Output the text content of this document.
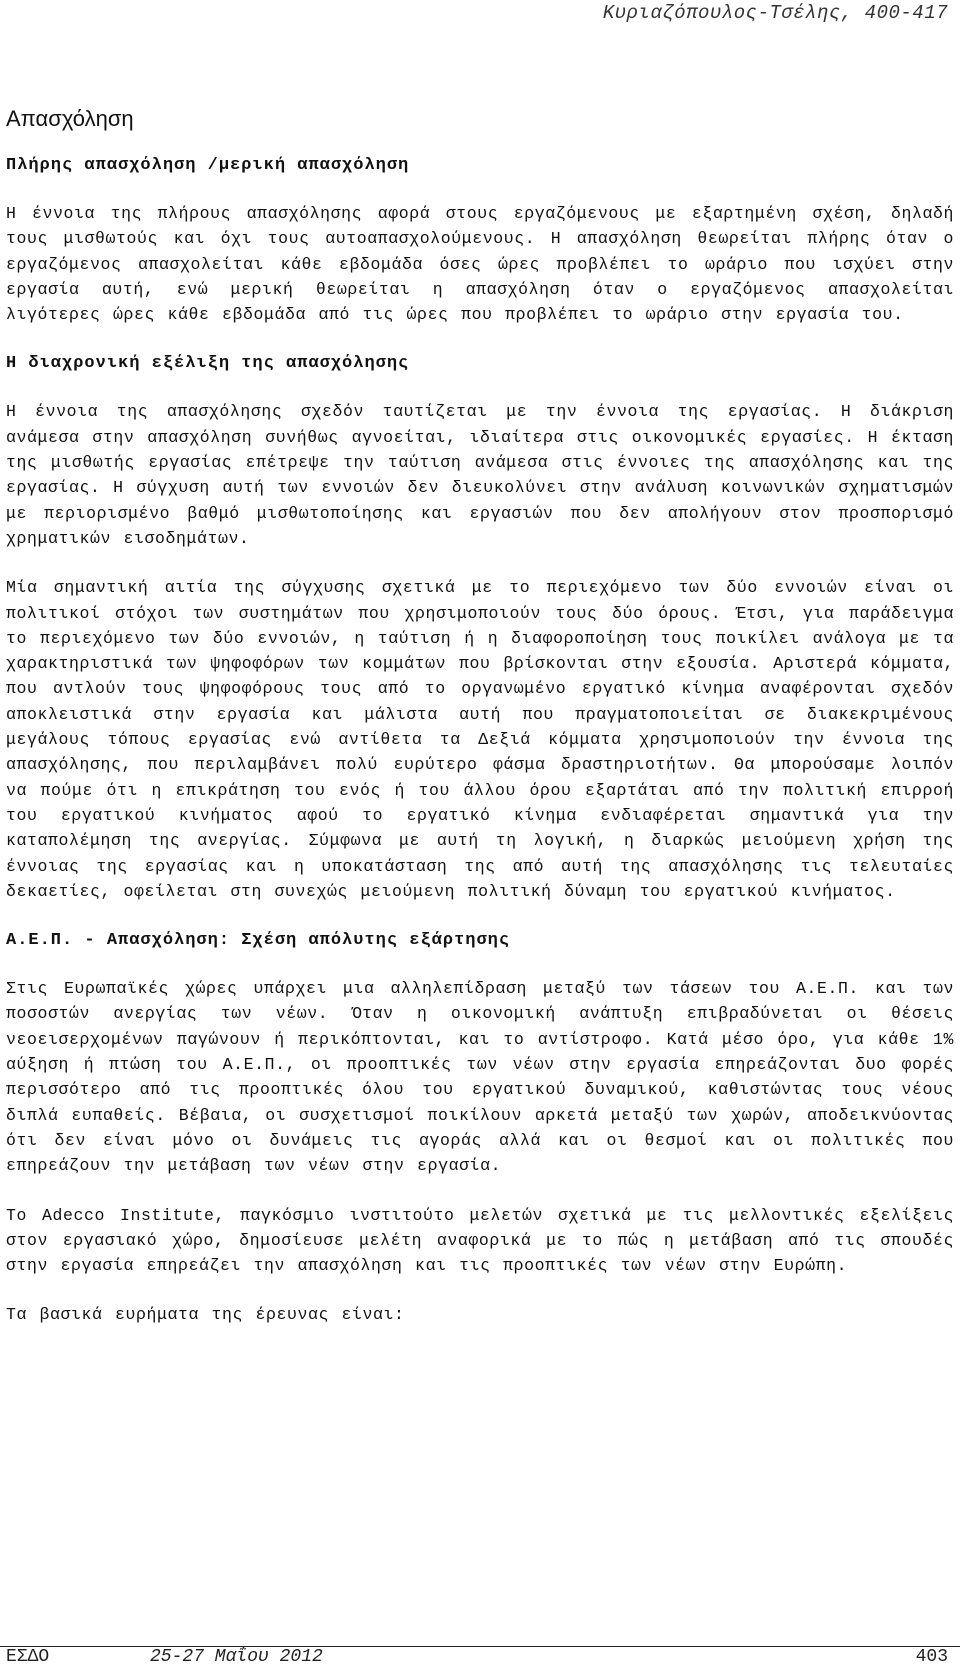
Κυριαζόπουλος-Τσέλης, 400-417
Απασχόληση
Πλήρης απασχόληση /μερική απασχόληση
Η έννοια της πλήρους απασχόλησης αφορά στους εργαζόμενους με εξαρτημένη σχέση, δηλαδή τους μισθωτούς και όχι τους αυτοαπασχολούμενους. Η απασχόληση θεωρείται πλήρης όταν ο εργαζόμενος απασχολείται κάθε εβδομάδα όσες ώρες προβλέπει το ωράριο που ισχύει στην εργασία αυτή, ενώ μερική θεωρείται η απασχόληση όταν ο εργαζόμενος απασχολείται λιγότερες ώρες κάθε εβδομάδα από τις ώρες που προβλέπει το ωράριο στην εργασία του.
Η διαχρονική εξέλιξη της απασχόλησης
Η έννοια της απασχόλησης σχεδόν ταυτίζεται με την έννοια της εργασίας. Η διάκριση ανάμεσα στην απασχόληση συνήθως αγνοείται, ιδιαίτερα στις οικονομικές εργασίες. Η έκταση της μισθωτής εργασίας επέτρεψε την ταύτιση ανάμεσα στις έννοιες της απασχόλησης και της εργασίας. Η σύγχυση αυτή των εννοιών δεν διευκολύνει στην ανάλυση κοινωνικών σχηματισμών με περιορισμένο βαθμό μισθωτοποίησης και εργασιών που δεν απολήγουν στον προσπορισμό χρηματικών εισοδημάτων.
Μία σημαντική αιτία της σύγχυσης σχετικά με το περιεχόμενο των δύο εννοιών είναι οι πολιτικοί στόχοι των συστημάτων που χρησιμοποιούν τους δύο όρους. Έτσι, για παράδειγμα το περιεχόμενο των δύο εννοιών, η ταύτιση ή η διαφοροποίηση τους ποικίλει ανάλογα με τα χαρακτηριστικά των ψηφοφόρων των κομμάτων που βρίσκονται στην εξουσία. Αριστερά κόμματα, που αντλούν τους ψηφοφόρους τους από το οργανωμένο εργατικό κίνημα αναφέρονται σχεδόν αποκλειστικά στην εργασία και μάλιστα αυτή που πραγματοποιείται σε διακεκριμένους μεγάλους τόπους εργασίας ενώ αντίθετα τα Δεξιά κόμματα χρησιμοποιούν την έννοια της απασχόλησης, που περιλαμβάνει πολύ ευρύτερο φάσμα δραστηριοτήτων. Θα μπορούσαμε λοιπόν να πούμε ότι η επικράτηση του ενός ή του άλλου όρου εξαρτάται από την πολιτική επιρροή του εργατικού κινήματος αφού το εργατικό κίνημα ενδιαφέρεται σημαντικά για την καταπολέμηση της ανεργίας. Σύμφωνα με αυτή τη λογική, η διαρκώς μειούμενη χρήση της έννοιας της εργασίας και η υποκατάσταση της από αυτή της απασχόλησης τις τελευταίες δεκαετίες, οφείλεται στη συνεχώς μειούμενη πολιτική δύναμη του εργατικού κινήματος.
Α.Ε.Π. - Απασχόληση: Σχέση απόλυτης εξάρτησης
Στις Ευρωπαϊκές χώρες υπάρχει μια αλληλεπίδραση μεταξύ των τάσεων του Α.Ε.Π. και των ποσοστών ανεργίας των νέων. Όταν η οικονομική ανάπτυξη επιβραδύνεται οι θέσεις νεοεισερχομένων παγώνουν ή περικόπτονται, και το αντίστροφο. Κατά μέσο όρο, για κάθε 1% αύξηση ή πτώση του Α.Ε.Π., οι προοπτικές των νέων στην εργασία επηρεάζονται δυο φορές περισσότερο από τις προοπτικές όλου του εργατικού δυναμικού, καθιστώντας τους νέους διπλά ευπαθείς. Βέβαια, οι συσχετισμοί ποικίλουν αρκετά μεταξύ των χωρών, αποδεικνύοντας ότι δεν είναι μόνο οι δυνάμεις τις αγοράς αλλά και οι θεσμοί και οι πολιτικές που επηρεάζουν την μετάβαση των νέων στην εργασία.
Το Adecco Institute, παγκόσμιο ινστιτούτο μελετών σχετικά με τις μελλοντικές εξελίξεις στον εργασιακό χώρο, δημοσίευσε μελέτη αναφορικά με το πώς η μετάβαση από τις σπουδές στην εργασία επηρεάζει την απασχόληση και τις προοπτικές των νέων στην Ευρώπη.
Τα βασικά ευρήματα της έρευνας είναι:
ΕΣΔΟ	25-27 Μαΐου 2012	403
